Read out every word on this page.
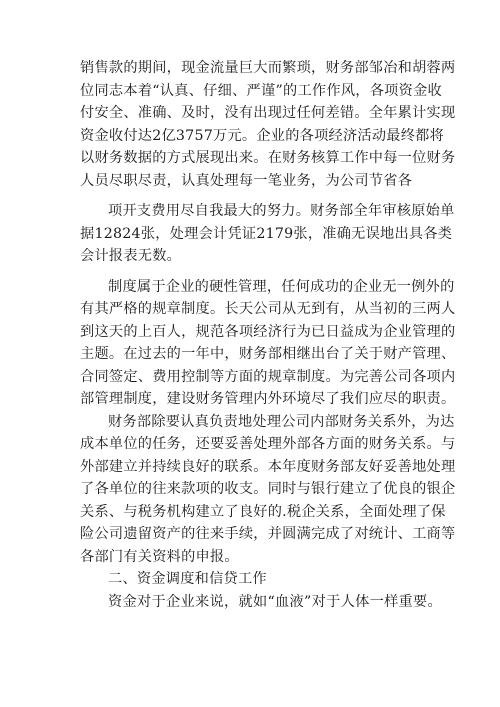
销售款的期间，现金流量巨大而繁琐，财务部邹冶和胡蓉两
位同志本着“认真、仔细、严谨”的工作作风，各项资金收
付安全、准确、及时，没有出现过任何差错。全年累计实现
资金收付达2亿3757万元。企业的各项经济活动最终都将
以财务数据的方式展现出来。在财务核算工作中每一位财务
人员尽职尽责，认真处理每一笔业务，为公司节省各
项开支费用尽自我最大的努力。财务部全年审核原始单
据12824张，处理会计凭证2179张，准确无误地出具各类
会计报表无数。
制度属于企业的硬性管理，任何成功的企业无一例外的
有其严格的规章制度。长天公司从无到有，从当初的三两人
到这天的上百人，规范各项经济行为已日益成为企业管理的
主题。在过去的一年中，财务部相继出台了关于财产管理、
合同签定、费用控制等方面的规章制度。为完善公司各项内
部管理制度，建设财务管理内外环境尽了我们应尽的职责。
财务部除要认真负责地处理公司内部财务关系外，为达
成本单位的任务，还要妥善处理外部各方面的财务关系。与
外部建立并持续良好的联系。本年度财务部友好妥善地处理
了各单位的往来款项的收支。同时与银行建立了优良的银企
关系、与税务机构建立了良好的.税企关系，全面处理了保
险公司遗留资产的往来手续，并圆满完成了对统计、工商等
各部门有关资料的申报。
二、资金调度和信贷工作
资金对于企业来说，就如“血液”对于人体一样重要。
